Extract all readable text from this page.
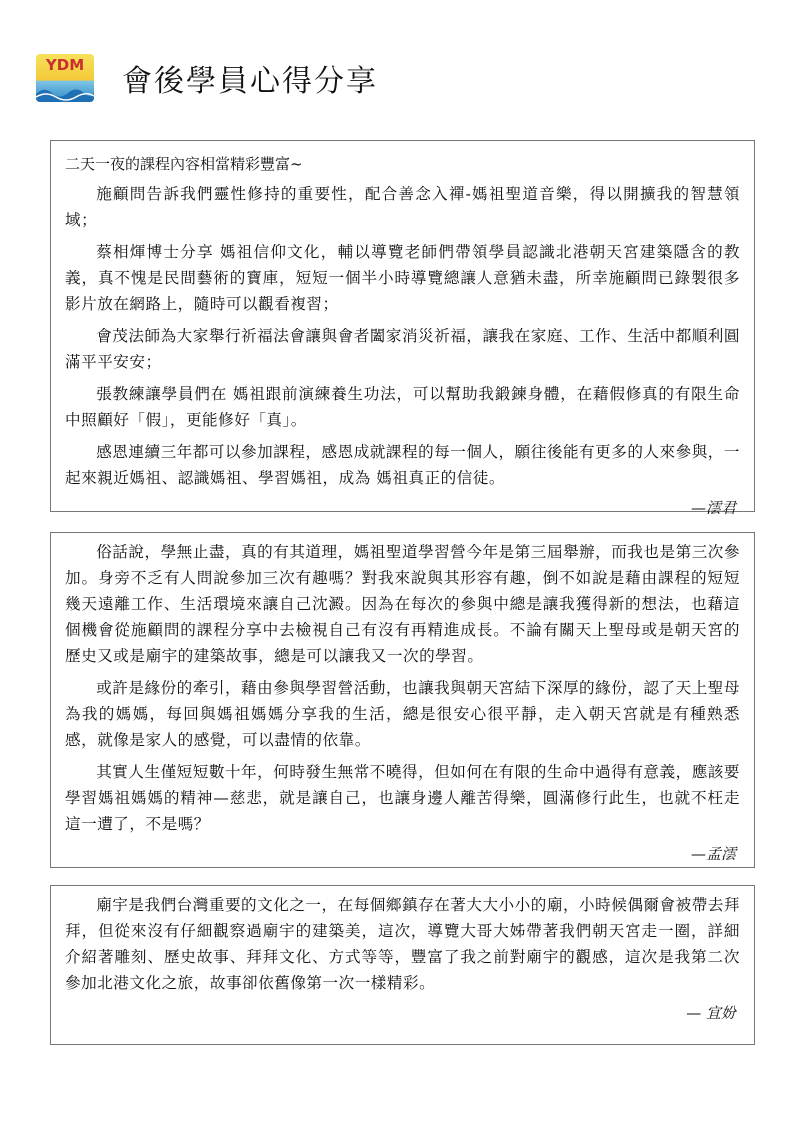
YDM	會後學員心得分享

二天一夜的課程內容相當精彩豐富~

施顧問告訴我們靈性修持的重要性，配合善念入禪-媽祖聖道音樂，得以開擴我的智慧領域；

蔡相煇博士分享 媽祖信仰文化，輔以導覽老師們帶領學員認識北港朝天宮建築隱含的教義，真不愧是民間藝術的寶庫，短短一個半小時導覽總讓人意猶未盡，所幸施顧問已錄製很多影片放在網路上，隨時可以觀看複習；

會茂法師為大家舉行祈福法會讓與會者闔家消災祈福，讓我在家庭、工作、生活中都順利圓滿平平安安；

張教練讓學員們在 媽祖跟前演練養生功法，可以幫助我鍛鍊身體，在藉假修真的有限生命中照顧好「假」，更能修好「真」。

感恩連續三年都可以參加課程，感恩成就課程的每一個人，願往後能有更多的人來參與，一起來親近媽祖、認識媽祖、學習媽祖，成為 媽祖真正的信徒。

—澐君

俗話說，學無止盡，真的有其道理，媽祖聖道學習營今年是第三屆舉辦，而我也是第三次參加。身旁不乏有人問說參加三次有趣嗎？對我來說與其形容有趣，倒不如說是藉由課程的短短幾天遠離工作、生活環境來讓自己沈澱。因為在每次的參與中總是讓我獲得新的想法，也藉這個機會從施顧問的課程分享中去檢視自己有沒有再精進成長。不論有關天上聖母或是朝天宮的歷史又或是廟宇的建築故事，總是可以讓我又一次的學習。

或許是緣份的牽引，藉由參與學習營活動，也讓我與朝天宮結下深厚的緣份，認了天上聖母為我的媽媽，每回與媽祖媽媽分享我的生活，總是很安心很平靜，走入朝天宮就是有種熟悉感，就像是家人的感覺，可以盡情的依靠。

其實人生僅短短數十年，何時發生無常不曉得，但如何在有限的生命中過得有意義，應該要學習媽祖媽媽的精神—慈悲，就是讓自己，也讓身邊人離苦得樂，圓滿修行此生，也就不枉走這一遭了，不是嗎？

—孟澐

廟宇是我們台灣重要的文化之一，在每個鄉鎮存在著大大小小的廟，小時候偶爾會被帶去拜拜，但從來沒有仔細觀察過廟宇的建築美，這次，導覽大哥大姊帶著我們朝天宮走一圈，詳細介紹著雕刻、歷史故事、拜拜文化、方式等等，豐富了我之前對廟宇的觀感，這次是我第二次參加北港文化之旅，故事卻依舊像第一次一樣精彩。

— 宜妢
